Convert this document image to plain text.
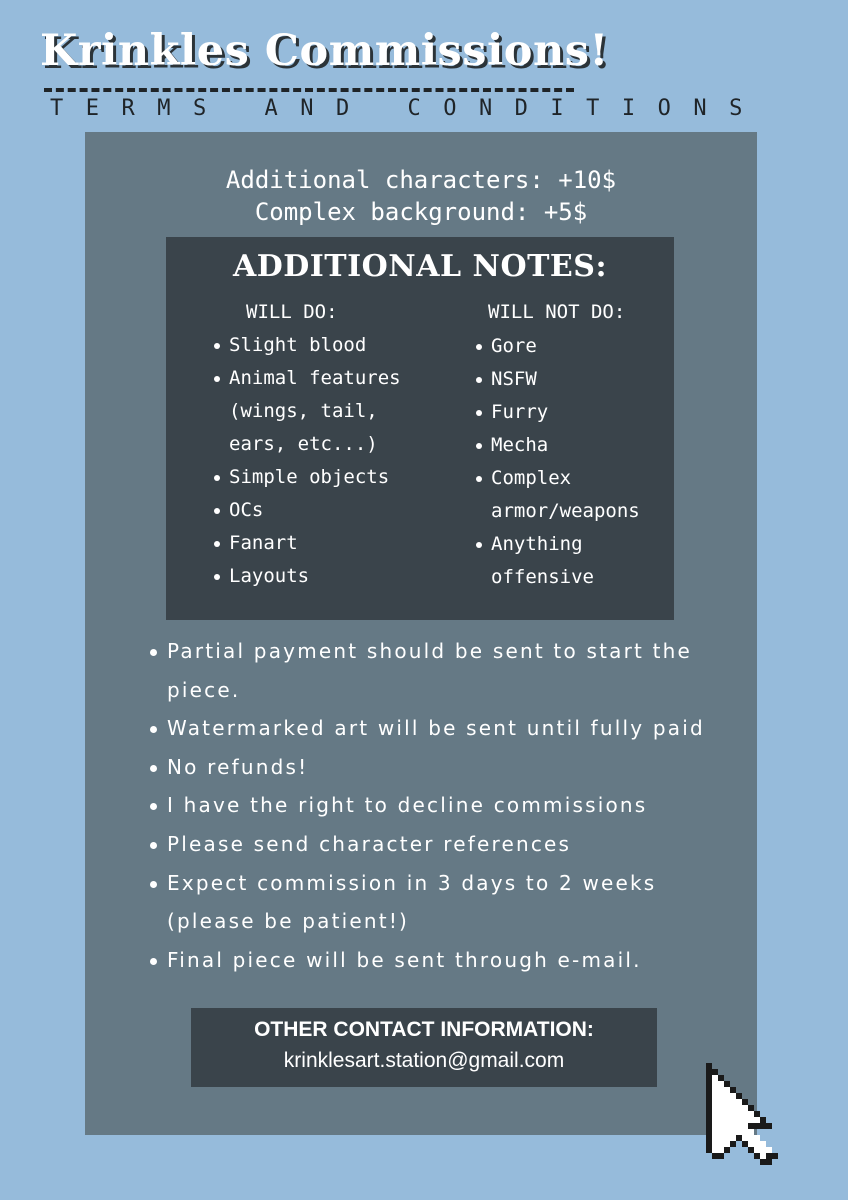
Krinkles Commissions!
TERMS AND CONDITIONS
Additional characters: +10$
Complex background: +5$
ADDITIONAL NOTES:
WILL DO:
Slight blood
Animal features (wings, tail, ears, etc...)
Simple objects
OCs
Fanart
Layouts
WILL NOT DO:
Gore
NSFW
Furry
Mecha
Complex armor/weapons
Anything offensive
Partial payment should be sent to start the piece.
Watermarked art will be sent until fully paid
No refunds!
I have the right to decline commissions
Please send character references
Expect commission in 3 days to 2 weeks (please be patient!)
Final piece will be sent through e-mail.
OTHER CONTACT INFORMATION:
krinklesart.station@gmail.com
